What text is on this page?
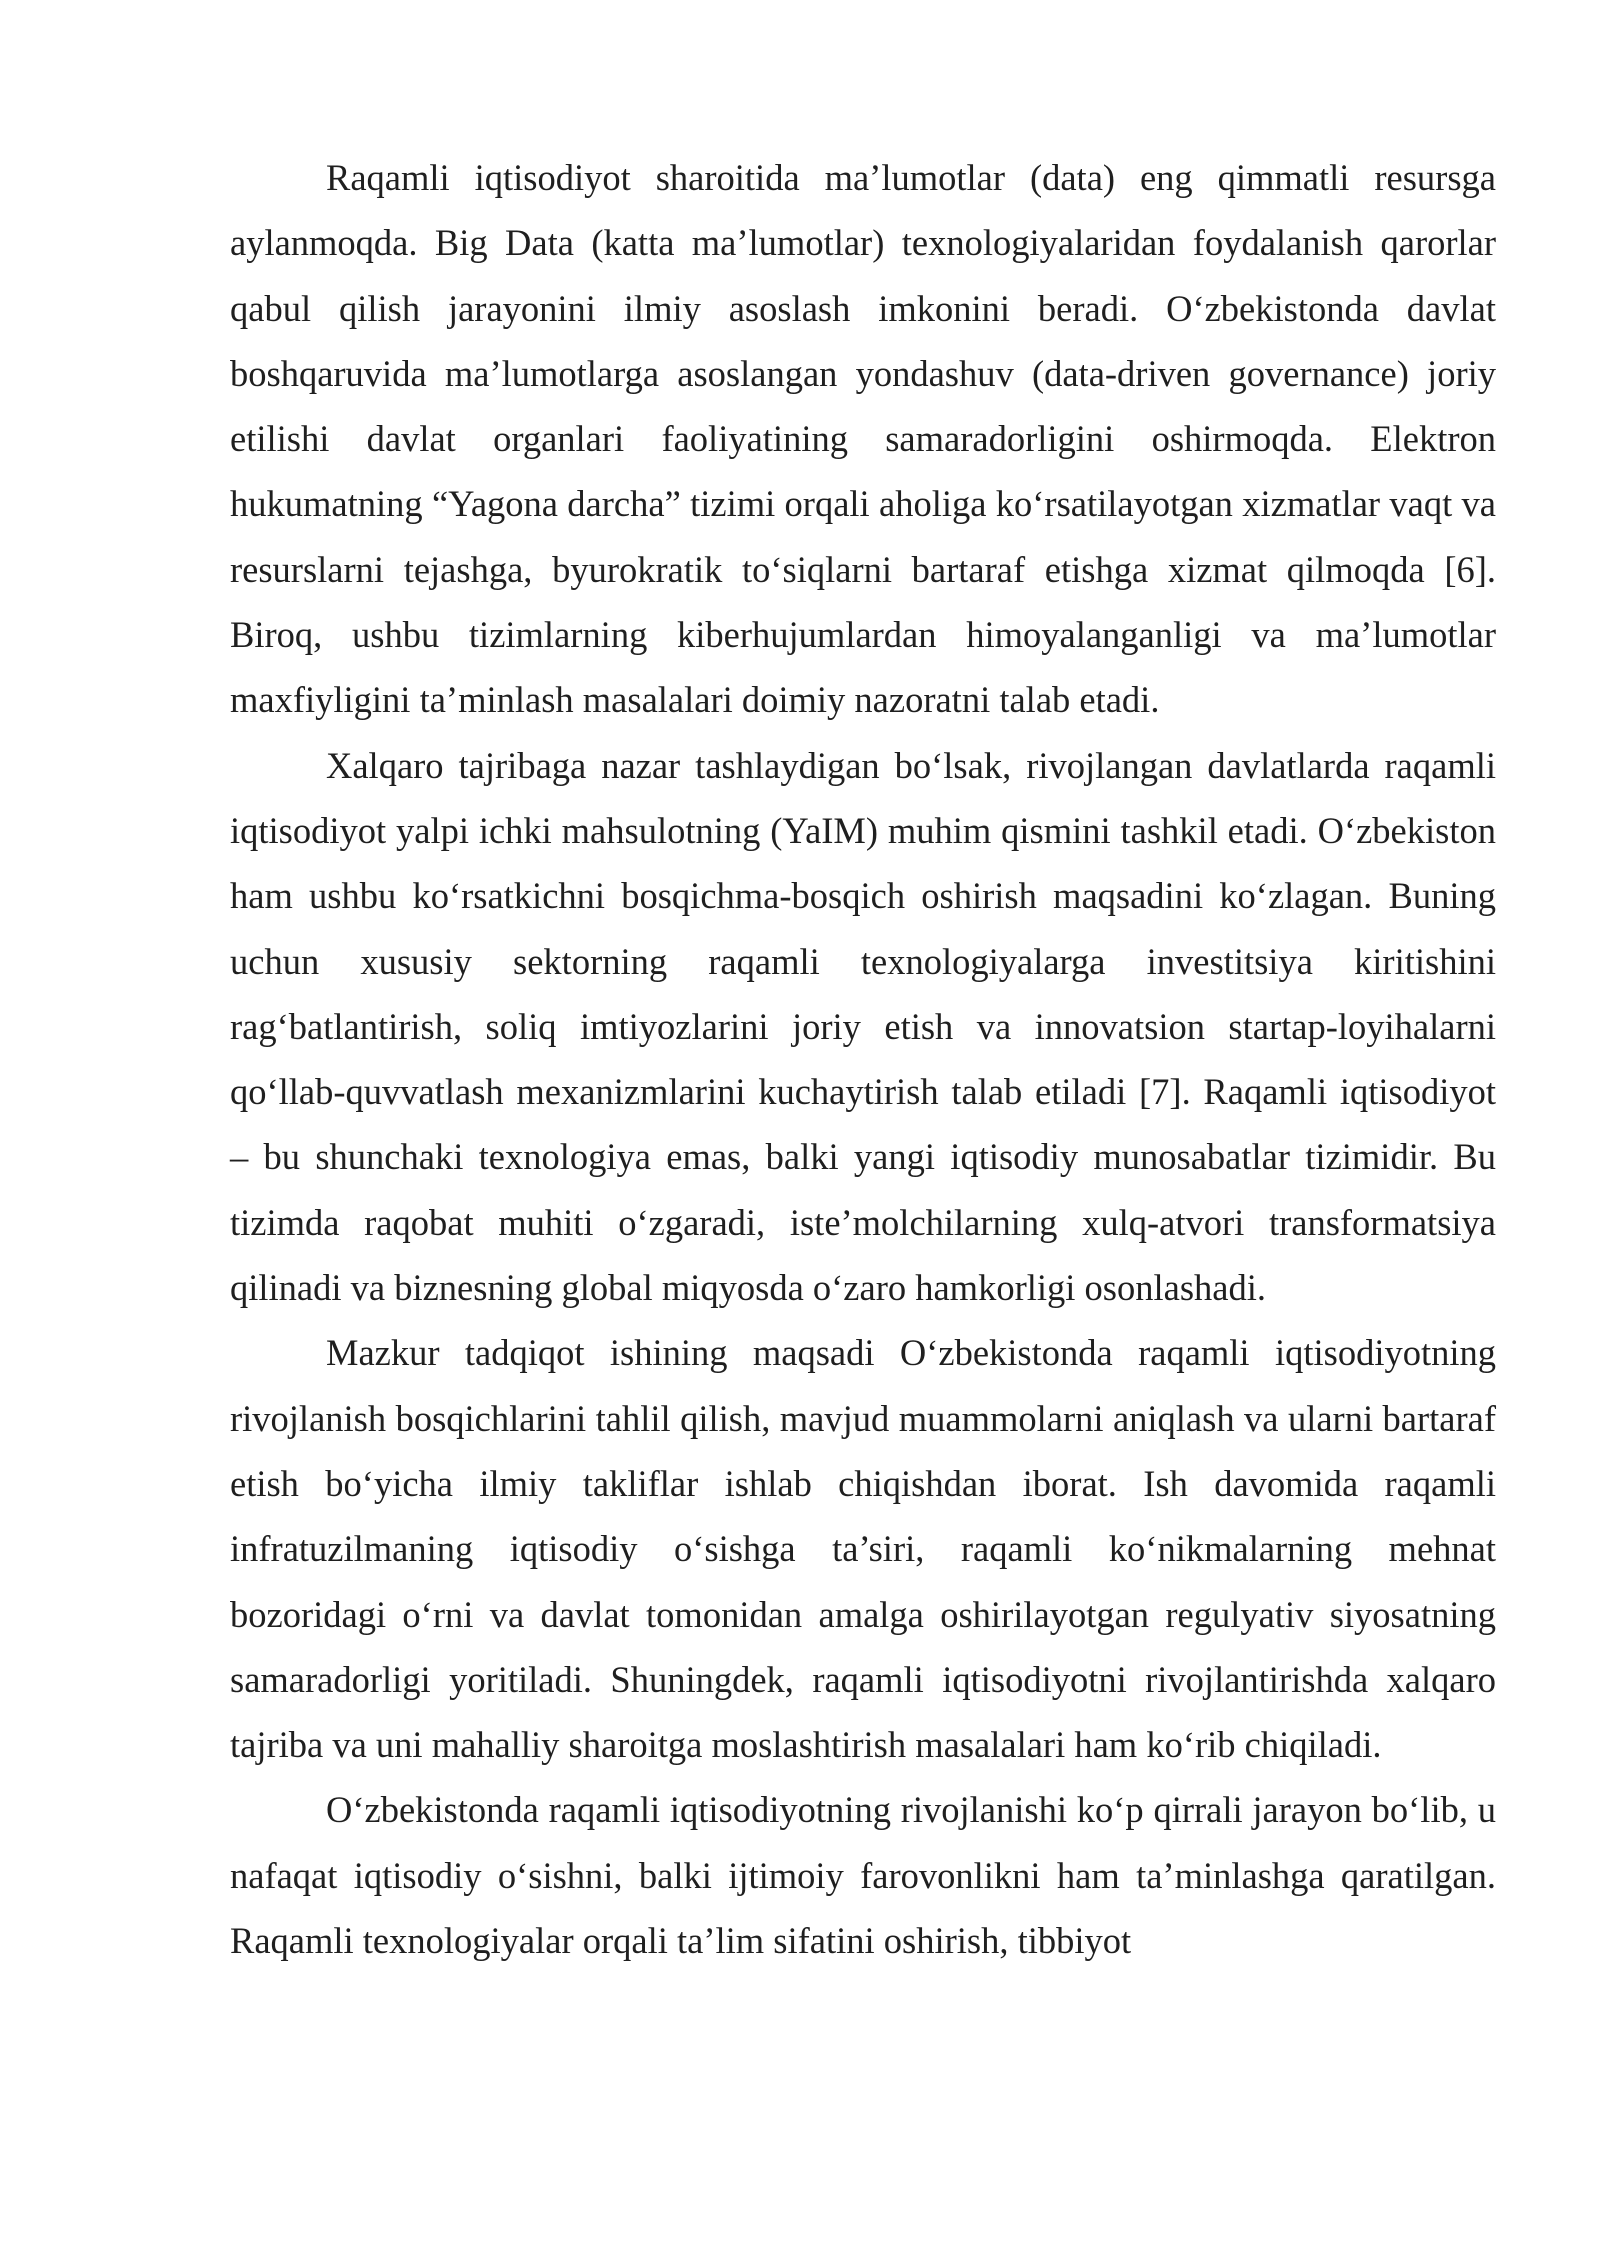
Raqamli iqtisodiyot sharoitida ma’lumotlar (data) eng qimmatli resursga aylanmoqda. Big Data (katta ma’lumotlar) texnologiyalaridan foydalanish qarorlar qabul qilish jarayonini ilmiy asoslash imkonini beradi. O‘zbekistonda davlat boshqaruvida ma’lumotlarga asoslangan yondashuv (data-driven governance) joriy etilishi davlat organlari faoliyatining samaradorligini oshirmoqda. Elektron hukumatning “Yagona darcha” tizimi orqali aholiga ko‘rsatilayotgan xizmatlar vaqt va resurslarni tejashga, byurokratik to‘siqlarni bartaraf etishga xizmat qilmoqda [6]. Biroq, ushbu tizimlarning kiberhujumlardan himoyalanganligi va ma’lumotlar maxfiyligini ta’minlash masalalari doimiy nazoratni talab etadi.

Xalqaro tajribaga nazar tashlaydigan bo‘lsak, rivojlangan davlatlarda raqamli iqtisodiyot yalpi ichki mahsulotning (YaIM) muhim qismini tashkil etadi. O‘zbekiston ham ushbu ko‘rsatkichni bosqichma-bosqich oshirish maqsadini ko‘zlagan. Buning uchun xususiy sektorning raqamli texnologiyalarga investitsiya kiritishini rag‘batlantirish, soliq imtiyozlarini joriy etish va innovatsion startap-loyihalarni qo‘llab-quvvatlash mexanizmlarini kuchaytirish talab etiladi [7]. Raqamli iqtisodiyot – bu shunchaki texnologiya emas, balki yangi iqtisodiy munosabatlar tizimidir. Bu tizimda raqobat muhiti o‘zgaradi, iste’molchilarning xulq-atvori transformatsiya qilinadi va biznesning global miqyosda o‘zaro hamkorligi osonlashadi.

Mazkur tadqiqot ishining maqsadi O‘zbekistonda raqamli iqtisodiyotning rivojlanish bosqichlarini tahlil qilish, mavjud muammolarni aniqlash va ularni bartaraf etish bo‘yicha ilmiy takliflar ishlab chiqishdan iborat. Ish davomida raqamli infratuzilmaning iqtisodiy o‘sishga ta’siri, raqamli ko‘nikmalarning mehnat bozoridagi o‘rni va davlat tomonidan amalga oshirilayotgan regulyativ siyosatning samaradorligi yoritiladi. Shuningdek, raqamli iqtisodiyotni rivojlantirishda xalqaro tajriba va uni mahalliy sharoitga moslashtirish masalalari ham ko‘rib chiqiladi.

O‘zbekistonda raqamli iqtisodiyotning rivojlanishi ko‘p qirrali jarayon bo‘lib, u nafaqat iqtisodiy o‘sishni, balki ijtimoiy farovonlikni ham ta’minlashga qaratilgan. Raqamli texnologiyalar orqali ta’lim sifatini oshirish, tibbiyot
